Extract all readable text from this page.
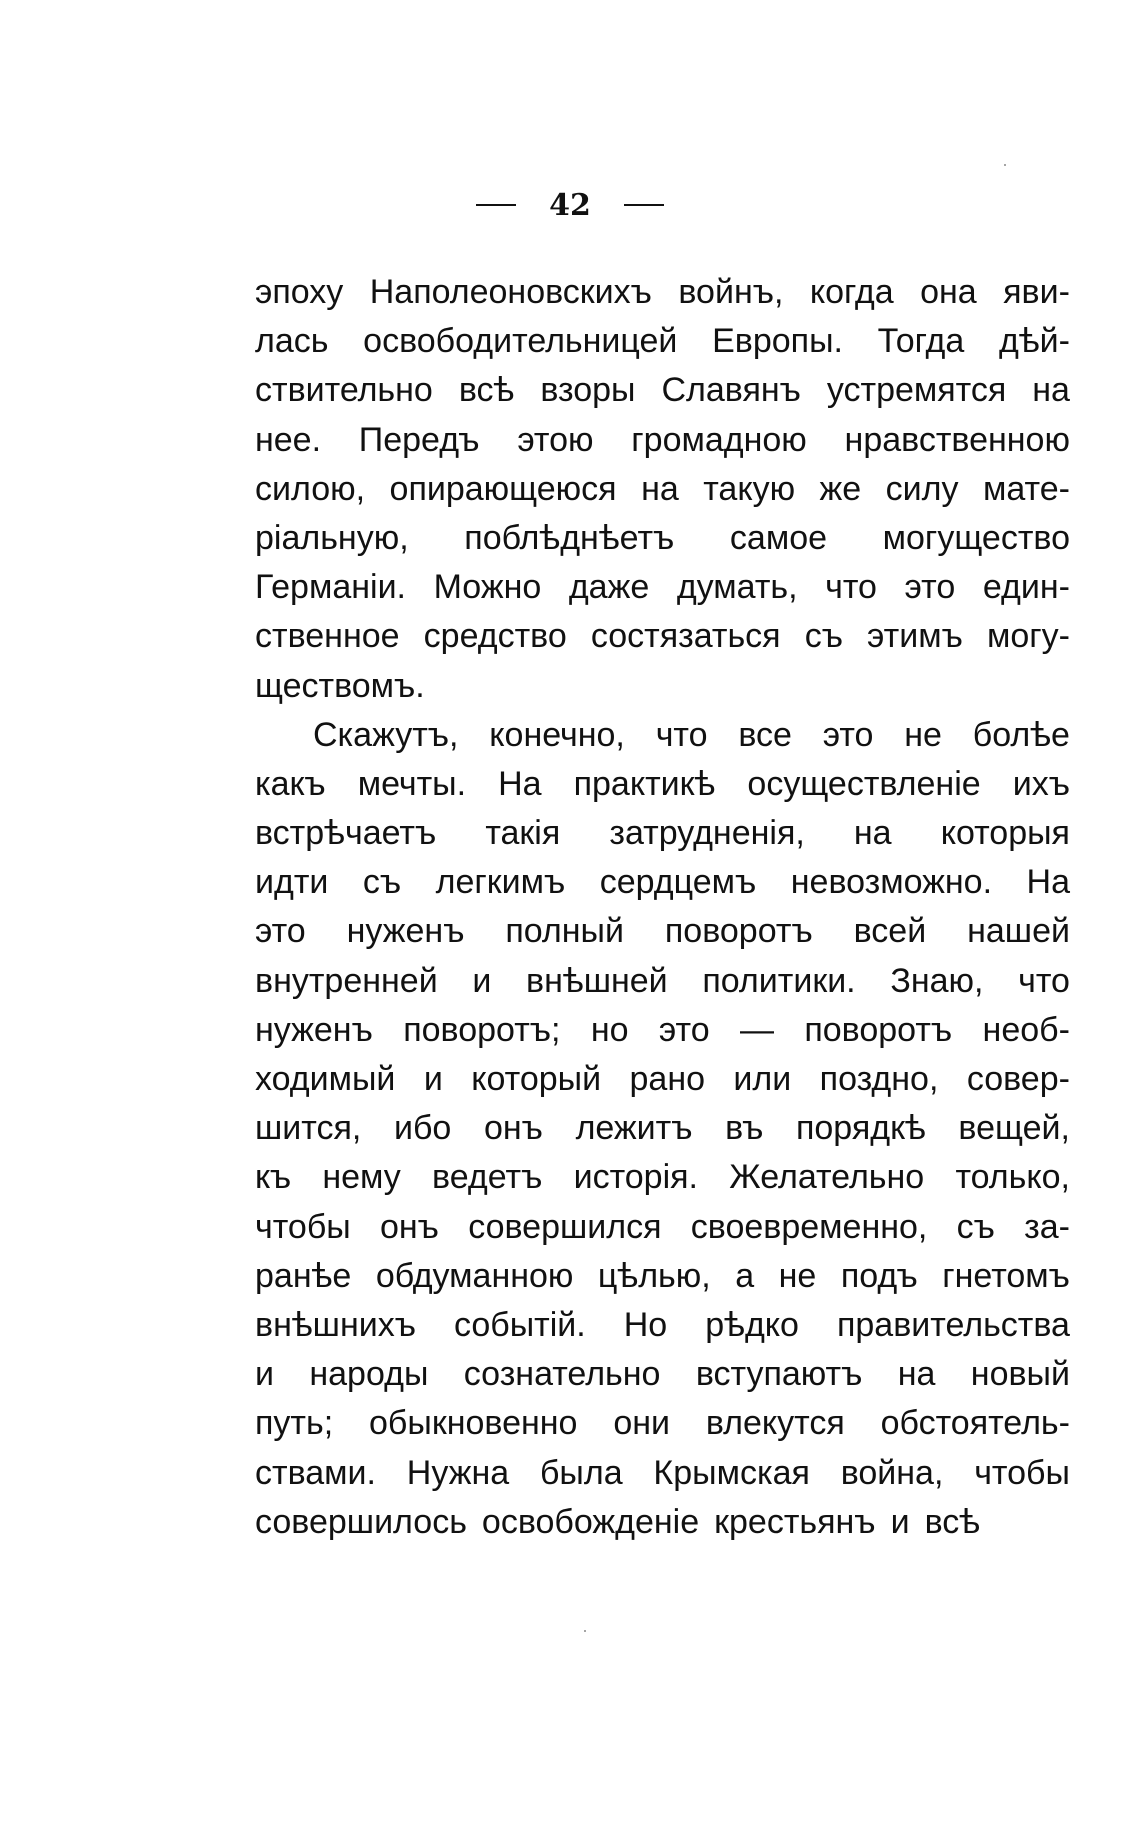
42
эпоху Наполеоновскихъ войнъ, когда она яви-
лась освободительницей Европы. Тогда дѣй-
ствительно всѣ взоры Славянъ устремятся на
нее. Передъ этою громадною нравственною
силою, опирающеюся на такую же силу мате-
ріальную, поблѣднѣетъ самое могущество
Германіи. Можно даже думать, что это един-
ственное средство состязаться съ этимъ могу-
ществомъ.
Скажутъ, конечно, что все это не болѣе
какъ мечты. На практикѣ осуществленіе ихъ
встрѣчаетъ такія затрудненія, на которыя
идти съ легкимъ сердцемъ невозможно. На
это нуженъ полный поворотъ всей нашей
внутренней и внѣшней политики. Знаю, что
нуженъ поворотъ; но это — поворотъ необ-
ходимый и который рано или поздно, совер-
шится, ибо онъ лежитъ въ порядкѣ вещей,
къ нему ведетъ исторія. Желательно только,
чтобы онъ совершился своевременно, съ за-
ранѣе обдуманною цѣлью, а не подъ гнетомъ
внѣшнихъ событій. Но рѣдко правительства
и народы сознательно вступаютъ на новый
путь; обыкновенно они влекутся обстоятель-
ствами. Нужна была Крымская война, чтобы
совершилось освобожденіе крестьянъ и всѣ
